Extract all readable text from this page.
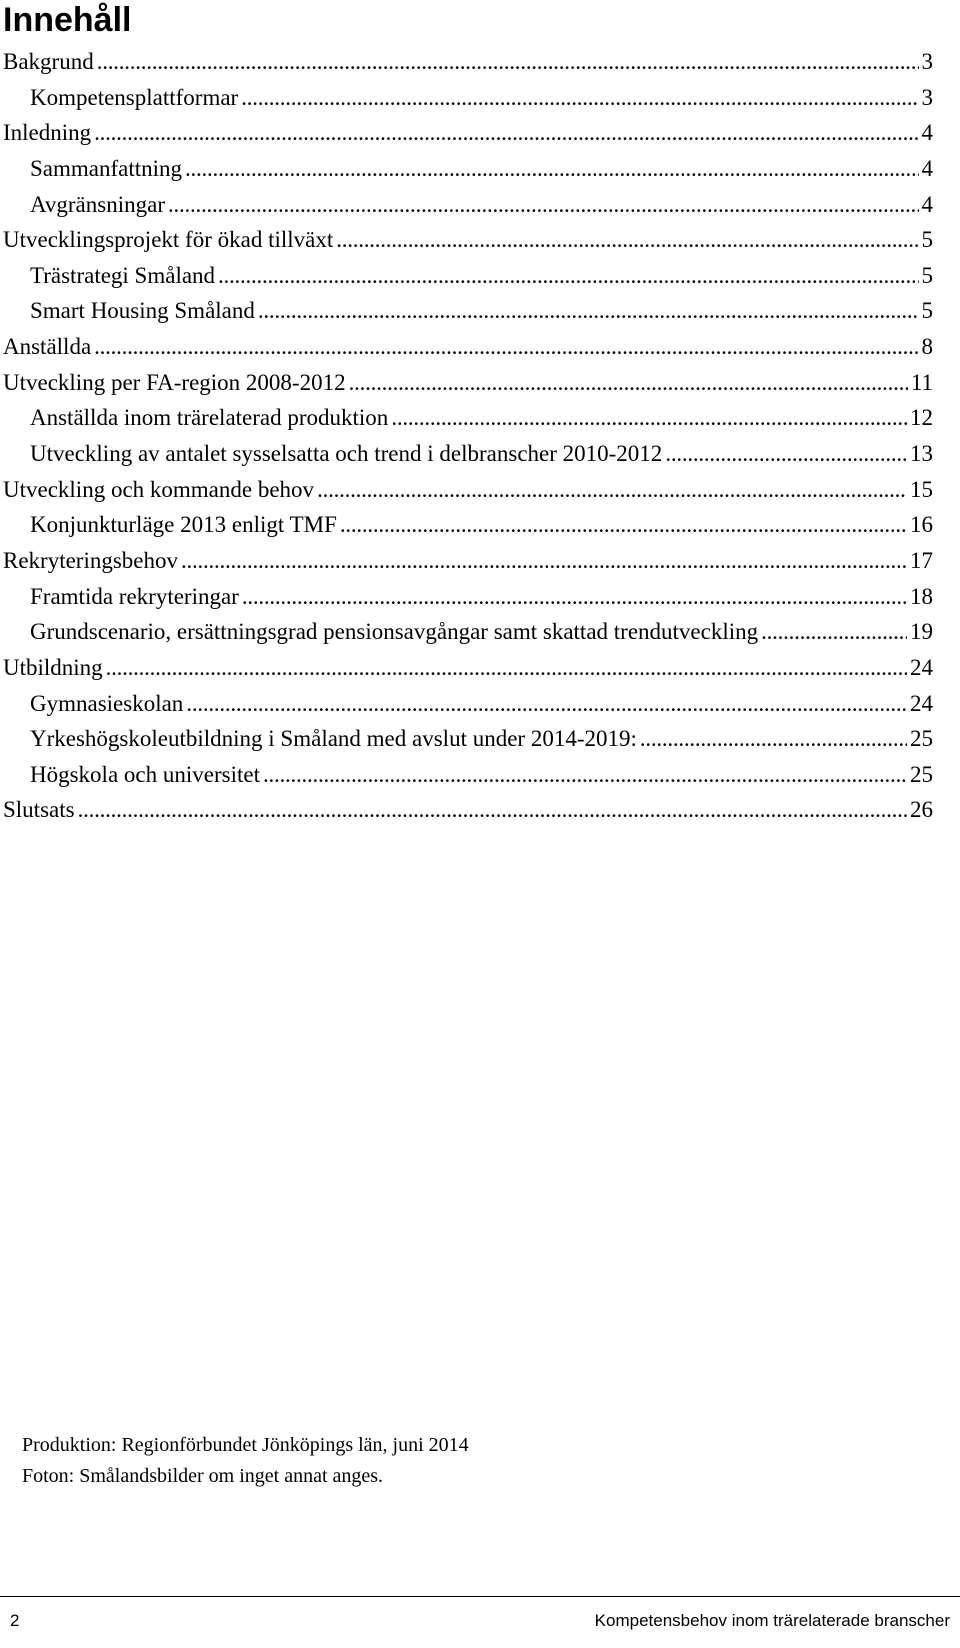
Innehåll
Bakgrund . . .	3
Kompetensplattformar . . .	3
Inledning . . .	4
Sammanfattning . . .	4
Avgränsningar . . .	4
Utvecklingsprojekt för ökad tillväxt . . .	5
Trästrategi Småland . . .	5
Smart Housing Småland . . .	5
Anställda . . .	8
Utveckling per FA-region 2008-2012 . . .	11
Anställda inom trärelaterad produktion . . .	12
Utveckling av antalet sysselsatta och trend i delbranscher 2010-2012 . . .	13
Utveckling och kommande behov . . .	15
Konjunkturläge 2013 enligt TMF . . .	16
Rekryteringsbehov . . .	17
Framtida rekryteringar . . .	18
Grundscenario, ersättningsgrad pensionsavgångar samt skattad trendutveckling . . .	19
Utbildning . . .	24
Gymnasieskolan . . .	24
Yrkeshögskoleutbildning i Småland med avslut under 2014-2019: . . .	25
Högskola och universitet . . .	25
Slutsats . . .	26
Produktion: Regionförbundet Jönköpings län, juni 2014
Foton: Smålandsbilder om inget annat anges.
2	Kompetensbehov inom trärelaterade branscher
